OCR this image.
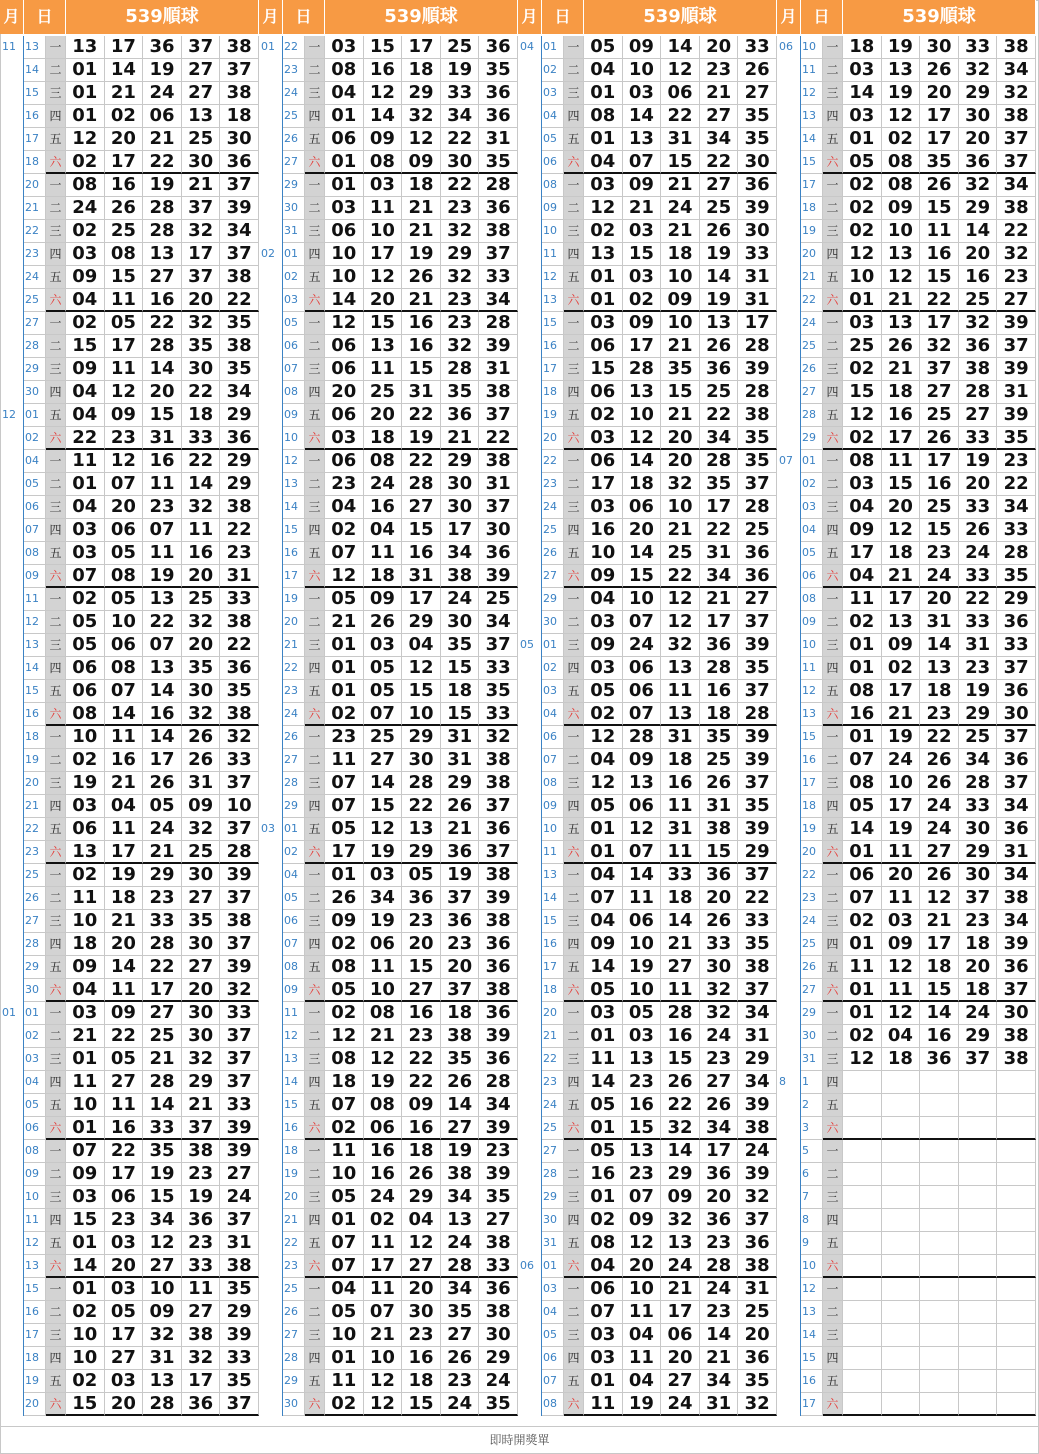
月	日	539順球
11 13 一 13 17 36 37 38
14 二 01 14 19 27 37
15 三 01 21 24 27 38
16 四 01 02 06 13 18
17 五 12 20 21 25 30
18 六 02 17 22 30 36
20 一 08 16 19 21 37
21 二 24 26 28 37 39
22 三 02 25 28 32 34
23 四 03 08 13 17 37
24 五 09 15 27 37 38
25 六 04 11 16 20 22
27 一 02 05 22 32 35
28 二 15 17 28 35 38
29 三 09 11 14 30 35
30 四 04 12 20 22 34
12 01 五 04 09 15 18 29
02 六 22 23 31 33 36
04 一 11 12 16 22 29
05 二 01 07 11 14 29
06 三 04 20 23 32 38
07 四 03 06 07 11 22
08 五 03 05 11 16 23
09 六 07 08 19 20 31
11 一 02 05 13 25 33
12 二 05 10 22 32 38
13 三 05 06 07 20 22
14 四 06 08 13 35 36
15 五 06 07 14 30 35
16 六 08 14 16 32 38
18 一 10 11 14 26 32
19 二 02 16 17 26 33
20 三 19 21 26 31 37
21 四 03 04 05 09 10
22 五 06 11 24 32 37
23 六 13 17 21 25 28
25 一 02 19 29 30 39
26 二 11 18 23 27 37
27 三 10 21 33 35 38
28 四 18 20 28 30 37
29 五 09 14 22 27 39
30 六 04 11 17 20 32
01 01 一 03 09 27 30 33
02 二 21 22 25 30 37
03 三 01 05 21 32 37
04 四 11 27 28 29 37
05 五 10 11 14 21 33
06 六 01 16 33 37 39
08 一 07 22 35 38 39
09 二 09 17 19 23 27
10 三 03 06 15 19 24
11 四 15 23 34 36 37
12 五 01 03 12 23 31
13 六 14 20 27 33 38
15 一 01 03 10 11 35
16 二 02 05 09 27 29
17 三 10 17 32 38 39
18 四 10 27 31 32 33
19 五 02 03 13 17 35
20 六 15 20 28 36 37
月	日	539順球
01 22 一 03 15 17 25 36
23 二 08 16 18 19 35
24 三 04 12 29 33 36
25 四 01 14 32 34 36
26 五 06 09 12 22 31
27 六 01 08 09 30 35
29 一 01 03 18 22 28
30 二 03 11 21 23 36
31 三 06 10 21 32 38
02 01 四 10 17 19 29 37
02 五 10 12 26 32 33
03 六 14 20 21 23 34
05 一 12 15 16 23 28
06 二 06 13 16 32 39
07 三 06 11 15 28 31
08 四 20 25 31 35 38
09 五 06 20 22 36 37
10 六 03 18 19 21 22
12 一 06 08 22 29 38
13 二 23 24 28 30 31
14 三 04 16 27 30 37
15 四 02 04 15 17 30
16 五 07 11 16 34 36
17 六 12 18 31 38 39
19 一 05 09 17 24 25
20 二 21 26 29 30 34
21 三 01 03 04 35 37
22 四 01 05 12 15 33
23 五 01 05 15 18 35
24 六 02 07 10 15 33
26 一 23 25 29 31 32
27 二 11 27 30 31 38
28 三 07 14 28 29 38
29 四 07 15 22 26 37
03 01 五 05 12 13 21 36
02 六 17 19 29 36 37
04 一 01 03 05 19 38
05 二 26 34 36 37 39
06 三 09 19 23 36 38
07 四 02 06 20 23 36
08 五 08 11 15 20 36
09 六 05 10 27 37 38
11 一 02 08 16 18 36
12 二 12 21 23 38 39
13 三 08 12 22 35 36
14 四 18 19 22 26 28
15 五 07 08 09 14 34
16 六 02 06 16 27 39
18 一 11 16 18 19 23
19 二 10 16 26 38 39
20 三 05 24 29 34 35
21 四 01 02 04 13 27
22 五 07 11 12 24 38
23 六 07 17 27 28 33
25 一 04 11 20 34 36
26 二 05 07 30 35 38
27 三 10 21 23 27 30
28 四 01 10 16 26 29
29 五 11 12 18 23 24
30 六 02 12 15 24 35
月	日	539順球
04 01 一 05 09 14 20 33
02 二 04 10 12 23 26
03 三 01 03 06 21 27
04 四 08 14 22 27 35
05 五 01 13 31 34 35
06 六 04 07 15 22 30
08 一 03 09 21 27 36
09 二 12 21 24 25 39
10 三 02 03 21 26 30
11 四 13 15 18 19 33
12 五 01 03 10 14 31
13 六 01 02 09 19 31
15 一 03 09 10 13 17
16 二 06 17 21 26 28
17 三 15 28 35 36 39
18 四 06 13 15 25 28
19 五 02 10 21 22 38
20 六 03 12 20 34 35
22 一 06 14 20 28 35
23 二 17 18 32 35 37
24 三 03 06 10 17 28
25 四 16 20 21 22 25
26 五 10 14 25 31 36
27 六 09 15 22 34 36
29 一 04 10 12 21 27
30 二 03 07 12 17 37
05 01 三 09 24 32 36 39
02 四 03 06 13 28 35
03 五 05 06 11 16 37
04 六 02 07 13 18 28
06 一 12 28 31 35 39
07 二 04 09 18 25 39
08 三 12 13 16 26 37
09 四 05 06 11 31 35
10 五 01 12 31 38 39
11 六 01 07 11 15 29
13 一 04 14 33 36 37
14 二 07 11 18 20 22
15 三 04 06 14 26 33
16 四 09 10 21 33 35
17 五 14 19 27 30 38
18 六 05 10 11 32 37
20 一 03 05 28 32 34
21 二 01 03 16 24 31
22 三 11 13 15 23 29
23 四 14 23 26 27 34
24 五 05 16 22 26 39
25 六 01 15 32 34 38
27 一 05 13 14 17 24
28 二 16 23 29 36 39
29 三 01 07 09 20 32
30 四 02 09 32 36 37
31 五 08 12 13 23 36
06 01 六 04 20 24 28 38
03 一 06 10 21 24 31
04 二 07 11 17 23 25
05 三 03 04 06 14 20
06 四 03 11 20 21 36
07 五 01 04 27 34 35
08 六 11 19 24 31 32
月	日	539順球
06 10 一 18 19 30 33 38
11 二 03 13 26 32 34
12 三 14 19 20 29 32
13 四 03 12 17 30 38
14 五 01 02 17 20 37
15 六 05 08 35 36 37
17 一 02 08 26 32 34
18 二 02 09 15 29 38
19 三 02 10 11 14 22
20 四 12 13 16 20 32
21 五 10 12 15 16 23
22 六 01 21 22 25 27
24 一 03 13 17 32 39
25 二 25 26 32 36 37
26 三 02 21 37 38 39
27 四 15 18 27 28 31
28 五 12 16 25 27 39
29 六 02 17 26 33 35
07 01 一 08 11 17 19 23
02 二 03 15 16 20 22
03 三 04 20 25 33 34
04 四 09 12 15 26 33
05 五 17 18 23 24 28
06 六 04 21 24 33 35
08 一 11 17 20 22 29
09 二 02 13 31 33 36
10 三 01 09 14 31 33
11 四 01 02 13 23 37
12 五 08 17 18 19 36
13 六 16 21 23 29 30
15 一 01 19 22 25 37
16 二 07 24 26 34 36
17 三 08 10 26 28 37
18 四 05 17 24 33 34
19 五 14 19 24 30 36
20 六 01 11 27 29 31
22 一 06 20 26 30 34
23 二 07 11 12 37 38
24 三 02 03 21 23 34
25 四 01 09 17 18 39
26 五 11 12 18 20 36
27 六 01 11 15 18 37
29 一 01 12 14 24 30
30 二 02 04 16 29 38
31 三 12 18 36 37 38
8	1	四
2	五
3	六
5	一
6	二
7	三
8	四
9	五
10 六
12 一
13 二
14 三
15 四
16 五
17 六
即時開獎單
